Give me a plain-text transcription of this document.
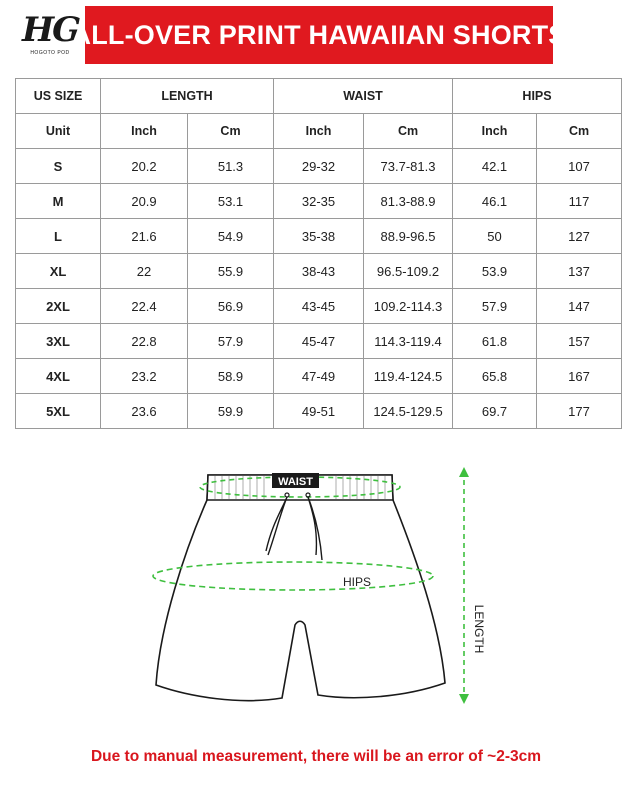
HG
HOGOTO POD
ALL-OVER PRINT HAWAIIAN SHORTS
US SIZE	LENGTH		WAIST		HIPS	
Unit	Inch	Cm	Inch	Cm	Inch	Cm
S	20.2	51.3	29-32	73.7-81.3	42.1	107
M	20.9	53.1	32-35	81.3-88.9	46.1	117
L	21.6	54.9	35-38	88.9-96.5	50	127
XL	22	55.9	38-43	96.5-109.2	53.9	137
2XL	22.4	56.9	43-45	109.2-114.3	57.9	147
3XL	22.8	57.9	45-47	114.3-119.4	61.8	157
4XL	23.2	58.9	47-49	119.4-124.5	65.8	167
5XL	23.6	59.9	49-51	124.5-129.5	69.7	177
WAIST
HIPS
LENGTH
Due to manual measurement, there will be an error of ~2-3cm
